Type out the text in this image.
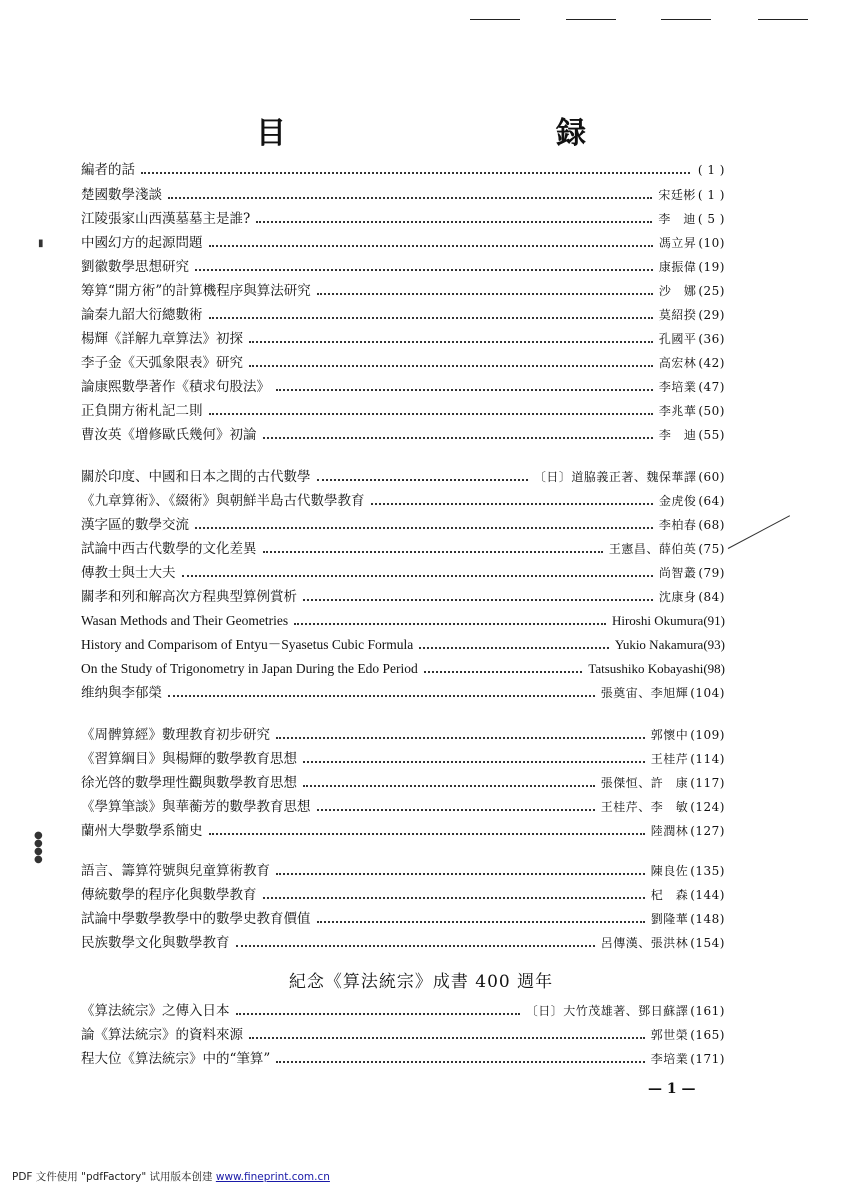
目　　録
▮
●
●
●
●
編者的話	( 1 )
楚國數學淺談	宋廷彬 ( 1 )
江陵張家山西漢墓墓主是誰?	李　迪 ( 5 )
中國幻方的起源問題	馮立昇 (10)
劉徽數學思想研究	康振偉 (19)
筹算“開方術”的計算機程序與算法研究	沙　娜 (25)
論秦九韶大衍總數術	莫紹揆 (29)
楊輝《詳解九章算法》初探	孔國平 (36)
李子金《天弧象限表》研究	高宏林 (42)
論康熙數學著作《積求句股法》	李培業 (47)
正負開方術札記二則	李兆華 (50)
曹汝英《增修歐氏幾何》初論	李　迪 (55)
關於印度、中國和日本之間的古代數學	〔日〕道脇義正著、魏保華譯 (60)
《九章算術》、《綴術》與朝鮮半島古代數學教育	金虎俊 (64)
漢字區的數學交流	李柏春 (68)
試論中西古代數學的文化差異	王憲昌、薛伯英 (75)
傳教士與士大夫	尚智叢 (79)
關孝和列和解高次方程典型算例賞析	沈康身 (84)
Wasan Methods and Their Geometries	Hiroshi Okumura (91)
History and Comparisom of Entyu－Syasetus Cubic Formula	Yukio Nakamura (93)
On the Study of Trigonometry in Japan During the Edo Period	Tatsushiko Kobayashi (98)
维纳與李郁榮	張奠宙、李旭輝 (104)
《周髀算經》數理教育初步研究	郭懷中 (109)
《習算綱目》與楊輝的數學教育思想	王桂芹 (114)
徐光啓的數學理性觀與數學教育思想	張傑恒、許　康 (117)
《學算筆談》與華蘅芳的數學教育思想	王桂芹、李　敏 (124)
蘭州大學數學系簡史	陸潤林 (127)
語言、籌算符號與兒童算術教育	陳良佐 (135)
傳統數學的程序化與數學教育	杞　森 (144)
試論中學數學教學中的數學史教育價值	劉隆華 (148)
民族數學文化與數學教育	呂傳漢、張洪林 (154)
《算法統宗》之傳入日本	〔日〕大竹茂雄著、鄧日蘇譯 (161)
論《算法統宗》的資料來源	郭世榮 (165)
程大位《算法統宗》中的“筆算”	李培業 (171)
紀念《算法統宗》成書 400 週年
— 1 —
PDF 文件使用 "pdfFactory" 试用版本创建 www.fineprint.com.cn
